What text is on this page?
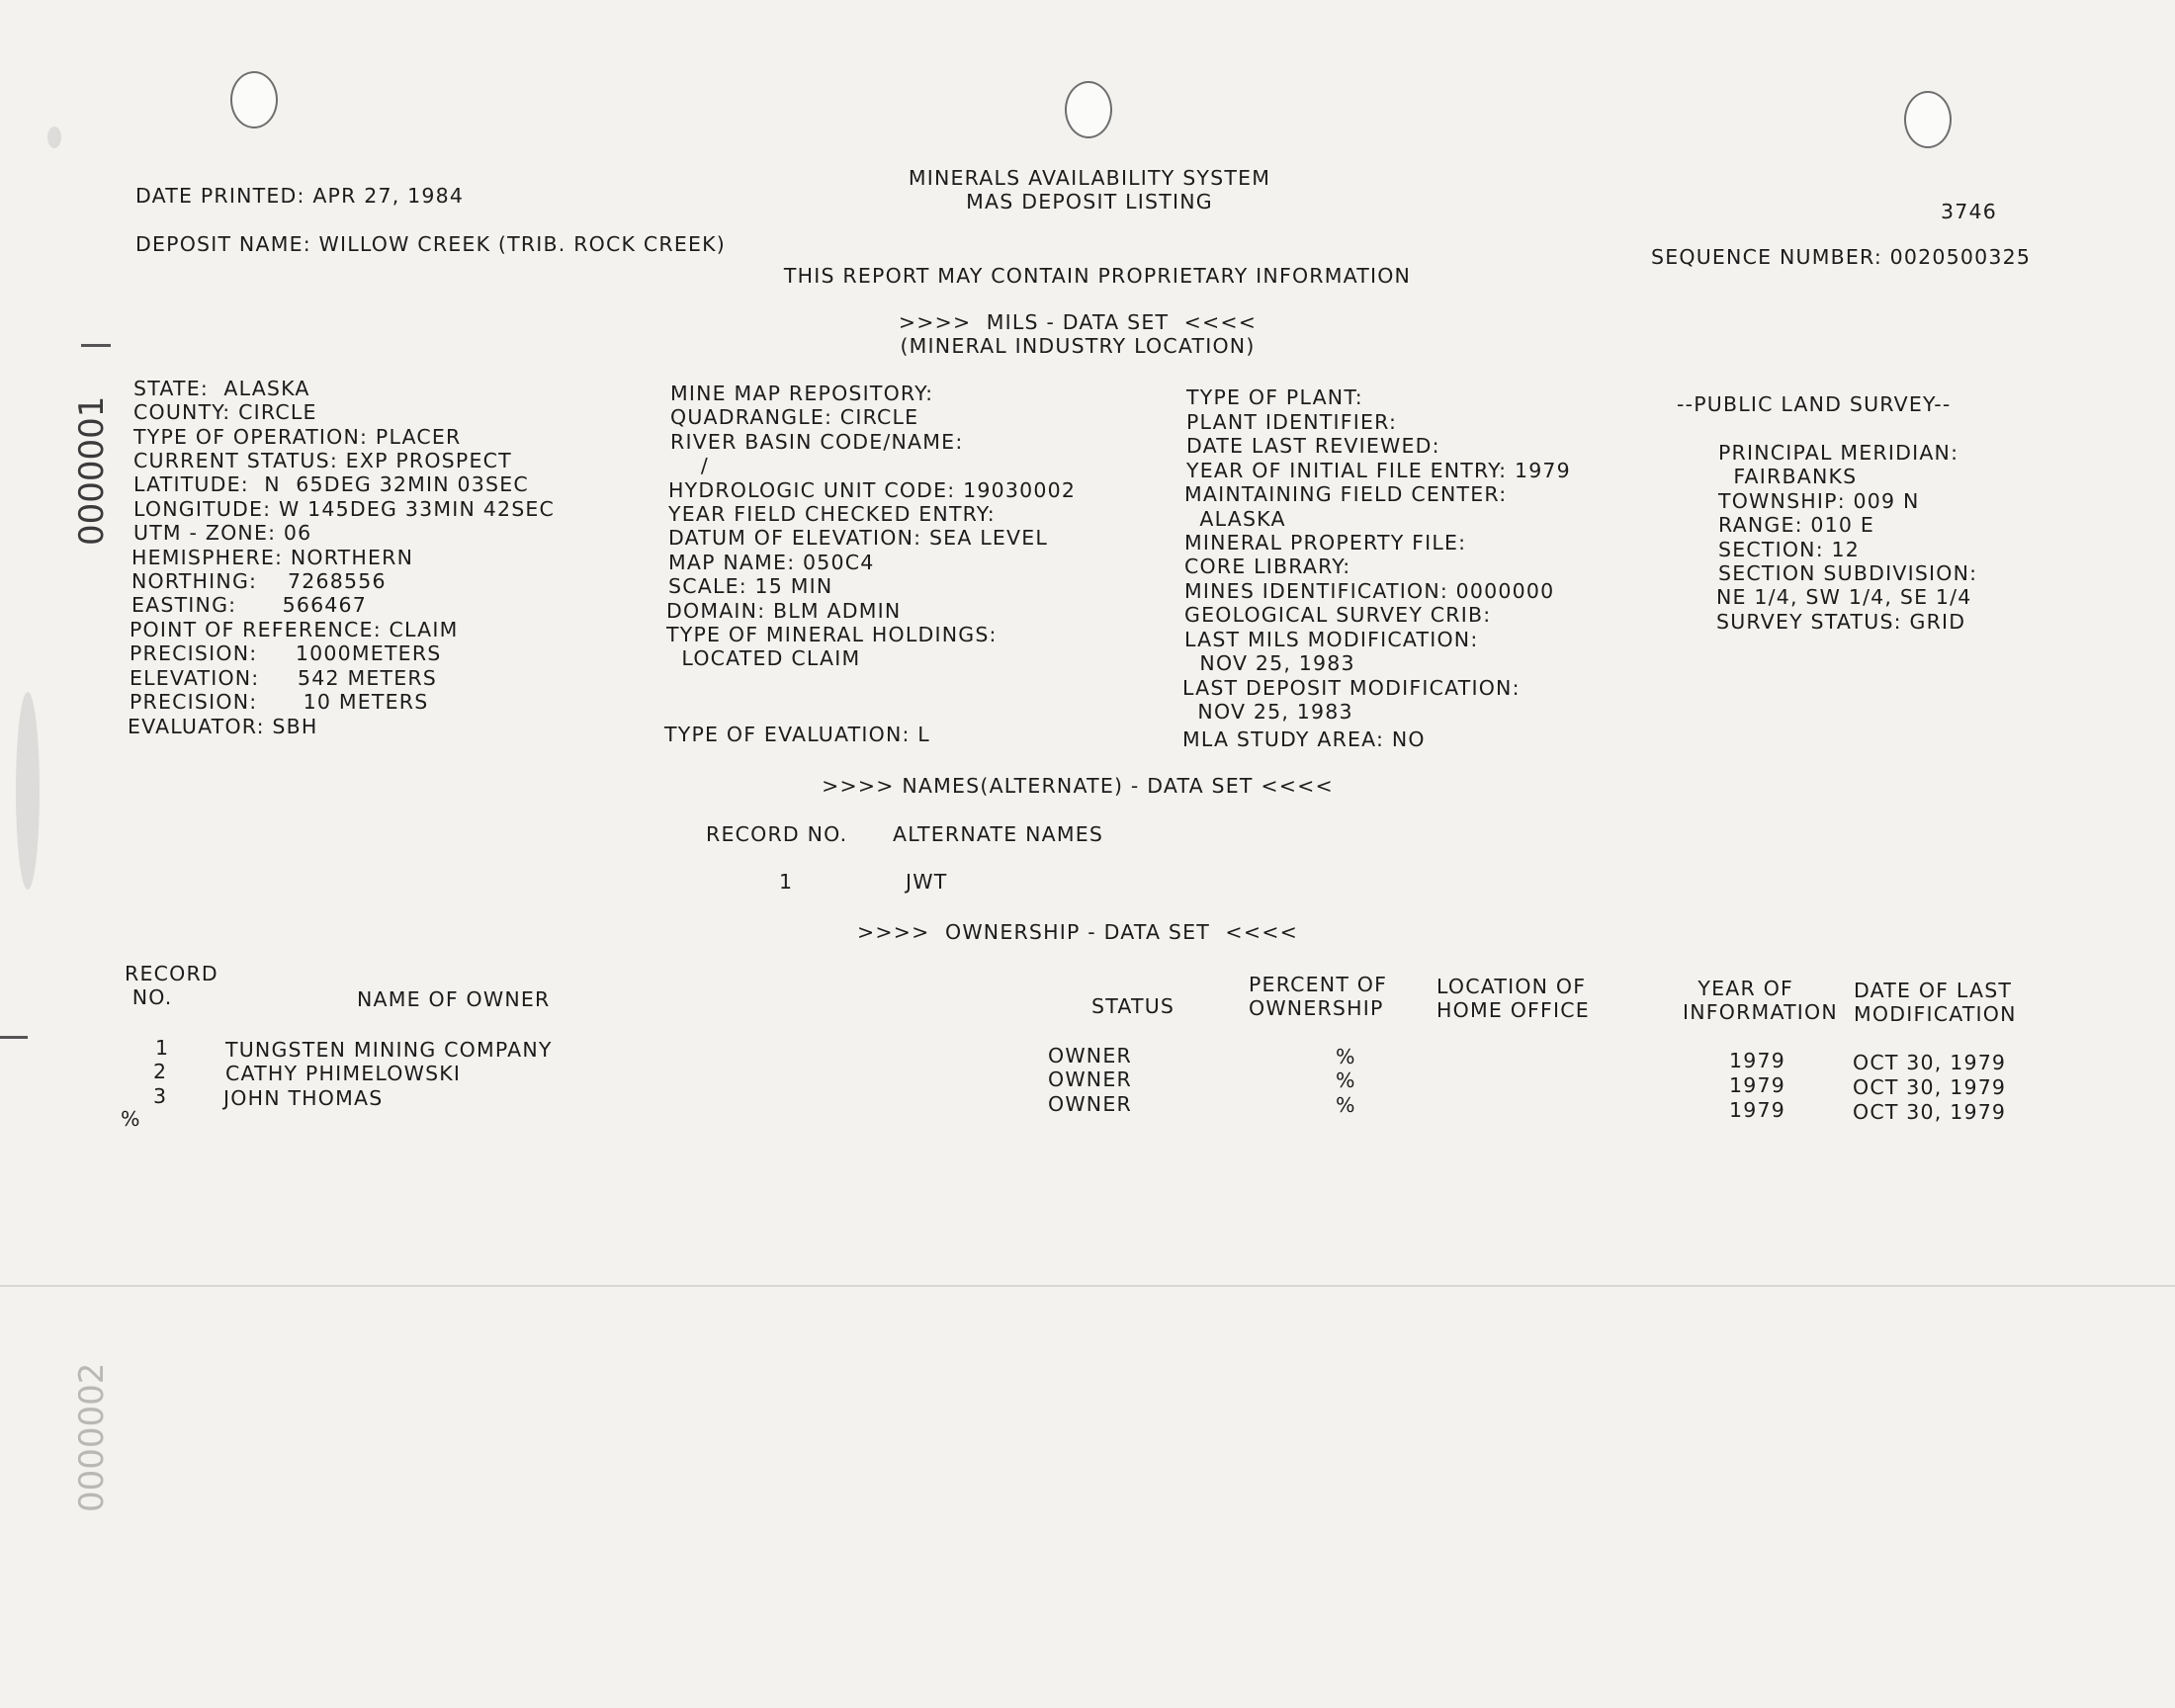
0000001
0000002
DATE PRINTED: APR 27, 1984
MINERALS AVAILABILITY SYSTEM
MAS DEPOSIT LISTING	3746
DEPOSIT NAME: WILLOW CREEK (TRIB. ROCK CREEK)
SEQUENCE NUMBER: 0020500325
THIS REPORT MAY CONTAIN PROPRIETARY INFORMATION
>>>>  MILS - DATA SET  <<<<
(MINERAL INDUSTRY LOCATION)
STATE:  ALASKA
COUNTY: CIRCLE
TYPE OF OPERATION: PLACER
CURRENT STATUS: EXP PROSPECT
LATITUDE:  N  65DEG 32MIN 03SEC
LONGITUDE: W 145DEG 33MIN 42SEC
UTM - ZONE: 06
HEMISPHERE: NORTHERN
NORTHING:    7268556
EASTING:      566467
POINT OF REFERENCE: CLAIM
PRECISION:     1000METERS
ELEVATION:     542 METERS
PRECISION:      10 METERS
EVALUATOR: SBH
MINE MAP REPOSITORY:
QUADRANGLE: CIRCLE
RIVER BASIN CODE/NAME:
/
HYDROLOGIC UNIT CODE: 19030002
YEAR FIELD CHECKED ENTRY:
DATUM OF ELEVATION: SEA LEVEL
MAP NAME: 050C4
SCALE: 15 MIN
DOMAIN: BLM ADMIN
TYPE OF MINERAL HOLDINGS:
LOCATED CLAIM
TYPE OF EVALUATION: L
TYPE OF PLANT:
PLANT IDENTIFIER:
DATE LAST REVIEWED:
YEAR OF INITIAL FILE ENTRY: 1979
MAINTAINING FIELD CENTER:
ALASKA
MINERAL PROPERTY FILE:
CORE LIBRARY:
MINES IDENTIFICATION: 0000000
GEOLOGICAL SURVEY CRIB:
LAST MILS MODIFICATION:
NOV 25, 1983
LAST DEPOSIT MODIFICATION:
NOV 25, 1983
MLA STUDY AREA: NO
--PUBLIC LAND SURVEY--
PRINCIPAL MERIDIAN:
FAIRBANKS
TOWNSHIP: 009 N
RANGE: 010 E
SECTION: 12
SECTION SUBDIVISION:
NE 1/4, SW 1/4, SE 1/4
SURVEY STATUS: GRID
>>>> NAMES(ALTERNATE) - DATA SET <<<<
RECORD NO. ALTERNATE NAMES
1	JWT
>>>>  OWNERSHIP - DATA SET  <<<<
RECORD
NO.	NAME OF OWNER	STATUS
PERCENT OF
OWNERSHIP
LOCATION OF
HOME OFFICE
YEAR OF
INFORMATION
DATE OF LAST
MODIFICATION
1	TUNGSTEN MINING COMPANY	OWNER	%	1979	OCT 30, 1979
2	CATHY PHIMELOWSKI	OWNER	%	1979	OCT 30, 1979
3	JOHN THOMAS	OWNER	%	1979	OCT 30, 1979
%
